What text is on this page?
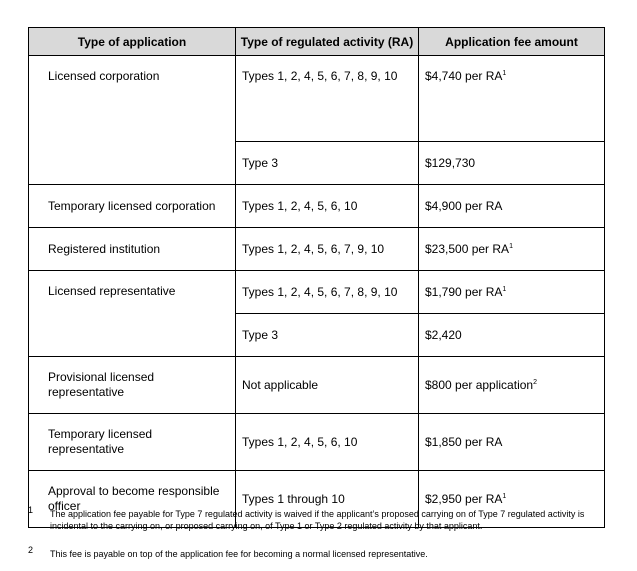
Type of application	Type of regulated activity (RA)	Application fee amount

Licensed corporation	Types 1, 2, 4, 5, 6, 7, 8, 9, 10	$4,740 per $RA^1$

	Type 3	$129,730

Temporary licensed corporation	Types 1, 2, 4, 5, 6, 10	$4,900 per RA

Registered institution	Types 1, 2, 4, 5, 6, 7, 9, 10	$23,500 per $RA^1$

Licensed representative	Types 1, 2, 4, 5, 6, 7, 8, 9, 10	$1,790 per $RA^1$

	Type 3	$2,420

Provisional licensed representative	Not applicable	$800 per application$^2$

Temporary licensed representative	Types 1, 2, 4, 5, 6, 10	$1,850 per RA

Approval to become responsible officer	Types 1 through 10	$2,950 per $RA^1$
1 The application fee payable for Type 7 regulated activity is waived if the applicant’s proposed carrying on of Type 7 regulated activity is incidental to the carrying on, or proposed carrying on, of Type 1 or Type 2 regulated activity by that applicant.
2 This fee is payable on top of the application fee for becoming a normal licensed representative.
